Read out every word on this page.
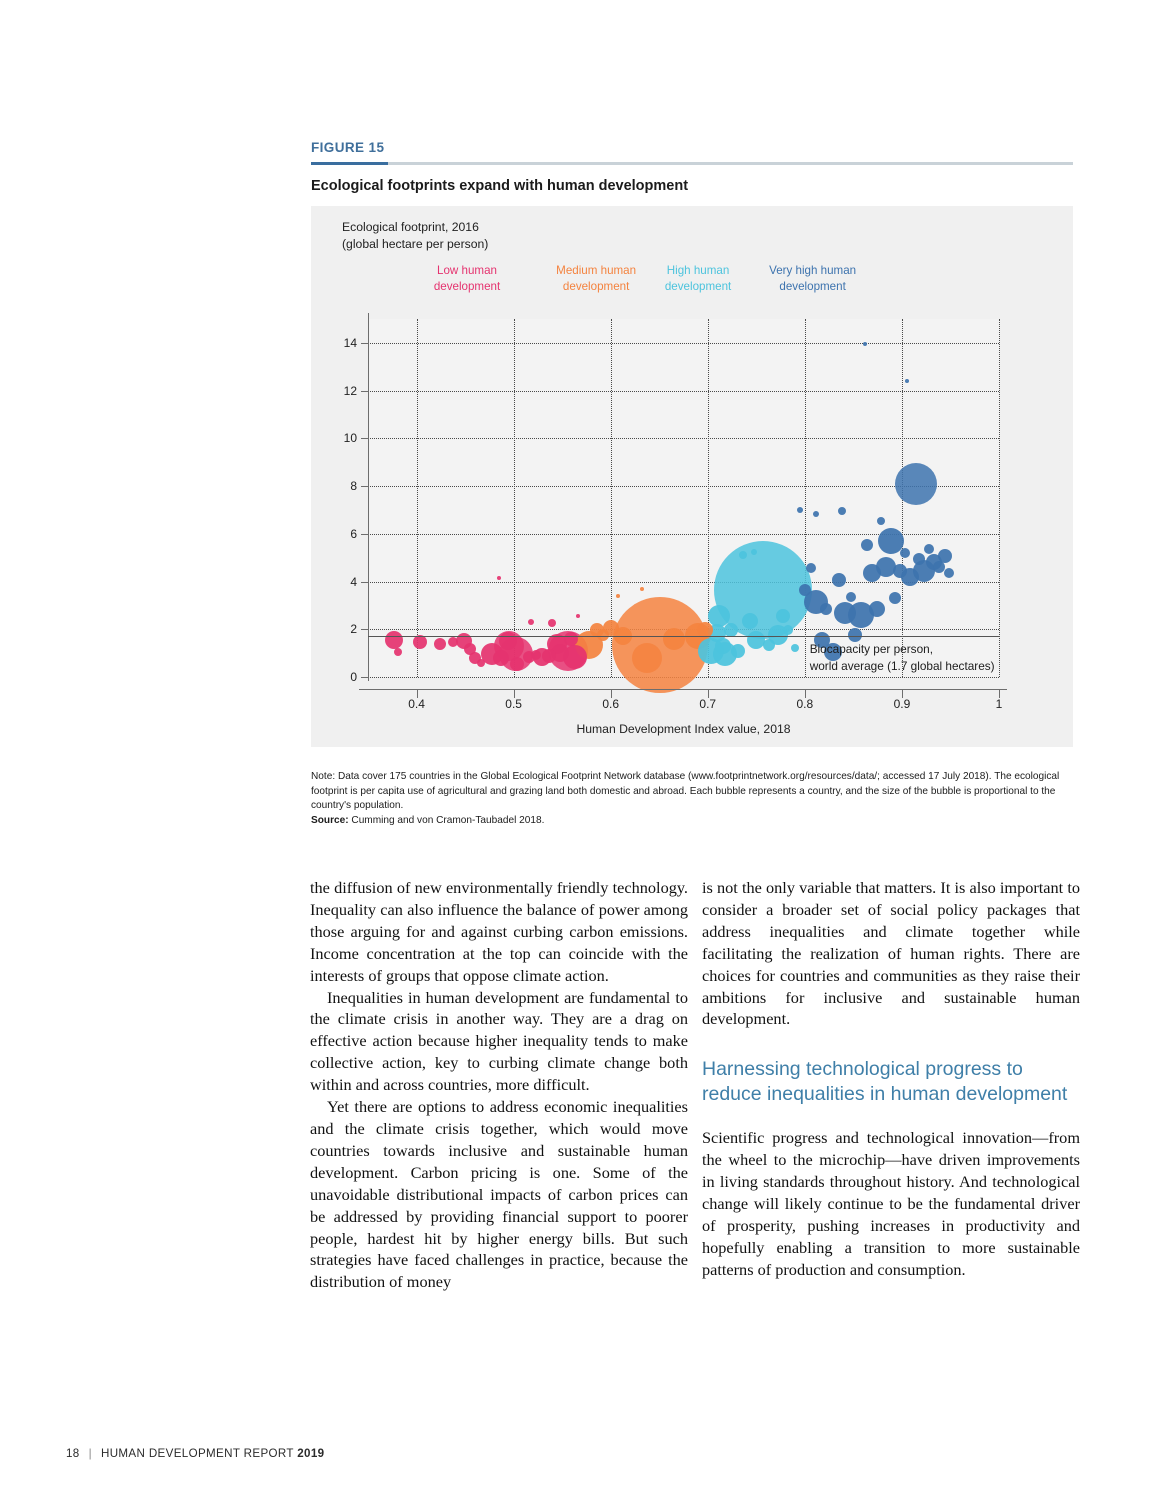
FIGURE 15
Ecological footprints expand with human development
Ecological footprint, 2016
(global hectare per person)
Low human
development
Medium human
development
High human
development
Very high human
development
0
2
4
6
8
10
12
14
0.4	0.5	0.6	0.7	0.8	0.9	1
Biocapacity per person,
world average (1.7 global hectares)
Human Development Index value, 2018
Note: Data cover 175 countries in the Global Ecological Footprint Network database (www.footprintnetwork.org/resources/data/; accessed 17 July 2018). The ecological footprint is per capita use of agricultural and grazing land both domestic and abroad. Each bubble represents a country, and the size of the bubble is proportional to the country's population.
Source: Cumming and von Cramon-Taubadel 2018.

the diffusion of new environmentally friendly technology. Inequality can also influence the balance of power among those arguing for and against curbing carbon emissions. Income concentration at the top can coincide with the interests of groups that oppose climate action.

Inequalities in human development are fundamental to the climate crisis in another way. They are a drag on effective action because higher inequality tends to make collective action, key to curbing climate change both within and across countries, more difficult.

Yet there are options to address economic inequalities and the climate crisis together, which would move countries towards inclusive and sustainable human development. Carbon pricing is one. Some of the unavoidable distributional impacts of carbon prices can be addressed by providing financial support to poorer people, hardest hit by higher energy bills. But such strategies have faced challenges in practice, because the distribution of money

is not the only variable that matters. It is also important to consider a broader set of social policy packages that address inequalities and climate together while facilitating the realization of human rights. There are choices for countries and communities as they raise their ambitions for inclusive and sustainable human development.

Harnessing technological progress to reduce inequalities in human development

Scientific progress and technological innovation—from the wheel to the microchip—have driven improvements in living standards throughout history. And technological change will likely continue to be the fundamental driver of prosperity, pushing increases in productivity and hopefully enabling a transition to more sustainable patterns of production and consumption.

18 | HUMAN DEVELOPMENT REPORT 2019
